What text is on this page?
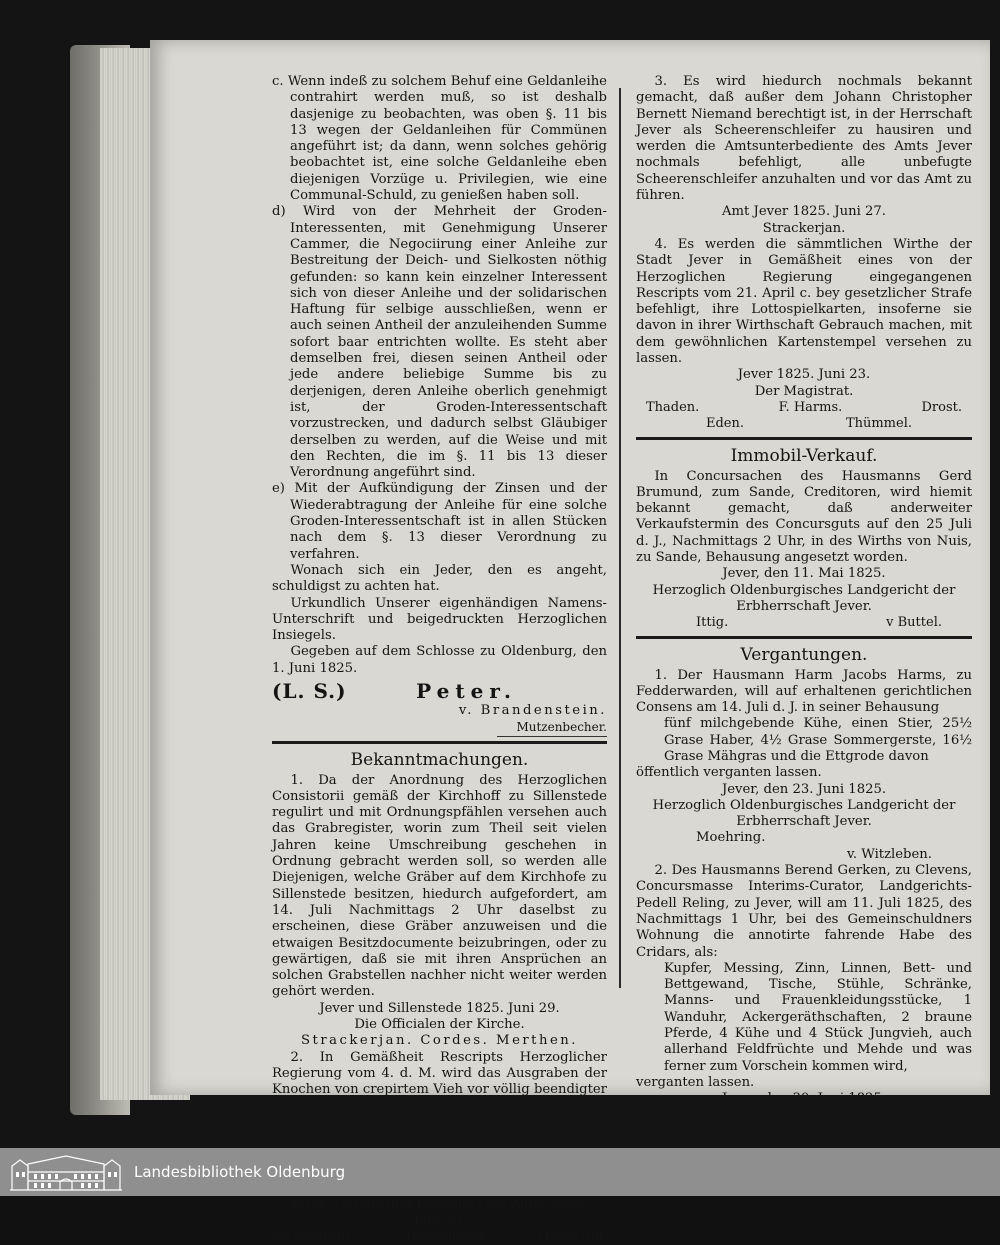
c. Wenn indeß zu solchem Behuf eine Geldanleihe contrahirt werden muß, so ist deshalb dasjenige zu beobachten, was oben §. 11 bis 13 wegen der Geldanleihen für Commünen angeführt ist; da dann, wenn solches gehörig beobachtet ist, eine solche Geldanleihe eben diejenigen Vorzüge u. Privilegien, wie eine Communal-Schuld, zu genießen haben soll.

d) Wird von der Mehrheit der Groden-Interessenten, mit Genehmigung Unserer Cammer, die Negociirung einer Anleihe zur Bestreitung der Deich- und Sielkosten nöthig gefunden: so kann kein einzelner Interessent sich von dieser Anleihe und der solidarischen Haftung für selbige ausschließen, wenn er auch seinen Antheil der anzuleihenden Summe sofort baar entrichten wollte. Es steht aber demselben frei, diesen seinen Antheil oder jede andere beliebige Summe bis zu derjenigen, deren Anleihe oberlich genehmigt ist, der Groden-Interessentschaft vorzustrecken, und dadurch selbst Gläubiger derselben zu werden, auf die Weise und mit den Rechten, die im §. 11 bis 13 dieser Verordnung angeführt sind.

e) Mit der Aufkündigung der Zinsen und der Wiederabtragung der Anleihe für eine solche Groden-Interessentschaft ist in allen Stücken nach dem §. 13 dieser Verordnung zu verfahren.

Wonach sich ein Jeder, den es angeht, schuldigst zu achten hat.

Urkundlich Unserer eigenhändigen Namens-Unterschrift und beigedruckten Herzoglichen Insiegels.

Gegeben auf dem Schlosse zu Oldenburg, den 1. Juni 1825.

(L. S.)	Peter.

v. Brandenstein.

Mutzenbecher.

Bekanntmachungen.

1. Da der Anordnung des Herzoglichen Consistorii gemäß der Kirchhoff zu Sillenstede regulirt und mit Ordnungspfählen versehen auch das Grabregister, worin zum Theil seit vielen Jahren keine Umschreibung geschehen in Ordnung gebracht werden soll, so werden alle Diejenigen, welche Gräber auf dem Kirchhofe zu Sillenstede besitzen, hiedurch aufgefordert, am 14. Juli Nachmittags 2 Uhr daselbst zu erscheinen, diese Gräber anzuweisen und die etwaigen Besitzdocumente beizubringen, oder zu gewärtigen, daß sie mit ihren Ansprüchen an solchen Grabstellen nachher nicht weiter werden gehört werden.

Jever und Sillenstede 1825. Juni 29.

Die Officialen der Kirche.

Strackerjan. Cordes. Merthen.

2. In Gemäßheit Rescripts Herzoglicher Regierung vom 4. d. M. wird das Ausgraben der Knochen von crepirtem Vieh vor völlig beendigter Verwesung des Fleisches, so wie das Aufbewahren derselben in Häusern und Gebäuden bei polizeilicher Strafe hiedurch

Jever, Tettens und Hooksiel vom Amte 1825.

Juni 30.

Strackerjan.	Tappenbeck.	Hollmann.

3. Es wird hiedurch nochmals bekannt gemacht, daß außer dem Johann Christopher Bernett Niemand berechtigt ist, in der Herrschaft Jever als Scheerenschleifer zu hausiren und werden die Amtsunterbediente des Amts Jever nochmals befehligt, alle unbefugte Scheerenschleifer anzuhalten und vor das Amt zu führen.

Amt Jever 1825. Juni 27.

Strackerjan.

4. Es werden die sämmtlichen Wirthe der Stadt Jever in Gemäßheit eines von der Herzoglichen Regierung eingegangenen Rescripts vom 21. April c. bey gesetzlicher Strafe befehligt, ihre Lottospielkarten, insoferne sie davon in ihrer Wirthschaft Gebrauch machen, mit dem gewöhnlichen Kartenstempel versehen zu lassen.

Jever 1825. Juni 23.

Der Magistrat.

Thaden.	F. Harms.	Drost.
Eden.	Thümmel.

Immobil-Verkauf.

In Concursachen des Hausmanns Gerd Brumund, zum Sande, Creditoren, wird hiemit bekannt gemacht, daß anderweiter Verkaufstermin des Concursguts auf den 25 Juli d. J., Nachmittags 2 Uhr, in des Wirths von Nuis, zu Sande, Behausung angesetzt worden.

Jever, den 11. Mai 1825.

Herzoglich Oldenburgisches Landgericht der Erbherrschaft Jever.

Ittig.	v Buttel.

Vergantungen.

1. Der Hausmann Harm Jacobs Harms, zu Fedderwarden, will auf erhaltenen gerichtlichen Consens am 14. Juli d. J. in seiner Behausung

fünf milchgebende Kühe, einen Stier, 25½ Grase Haber, 4½ Grase Sommergerste, 16½ Grase Mähgras und die Ettgrode davon

öffentlich verganten lassen.

Jever, den 23. Juni 1825.

Herzoglich Oldenburgisches Landgericht der Erbherrschaft Jever.

Moehring.

v. Witzleben.

2. Des Hausmanns Berend Gerken, zu Clevens, Concursmasse Interims-Curator, Landgerichts-Pedell Reling, zu Jever, will am 11. Juli 1825, des Nachmittags 1 Uhr, bei des Gemeinschuldners Wohnung die annotirte fahrende Habe des Cridars, als:

Kupfer, Messing, Zinn, Linnen, Bett- und Bettgewand, Tische, Stühle, Schränke, Manns- und Frauenkleidungsstücke, 1 Wanduhr, Ackergeräthschaften, 2 braune Pferde, 4 Kühe und 4 Stück Jungvieh, auch allerhand Feldfrüchte und Mehde und was ferner zum Vorschein kommen wird,

verganten lassen.

Jever, den 30. Juni 1825.

Herzoglich Oldenburgisches Landgericht der Erbherrschaft Jever.

Landesbibliothek Oldenburg
